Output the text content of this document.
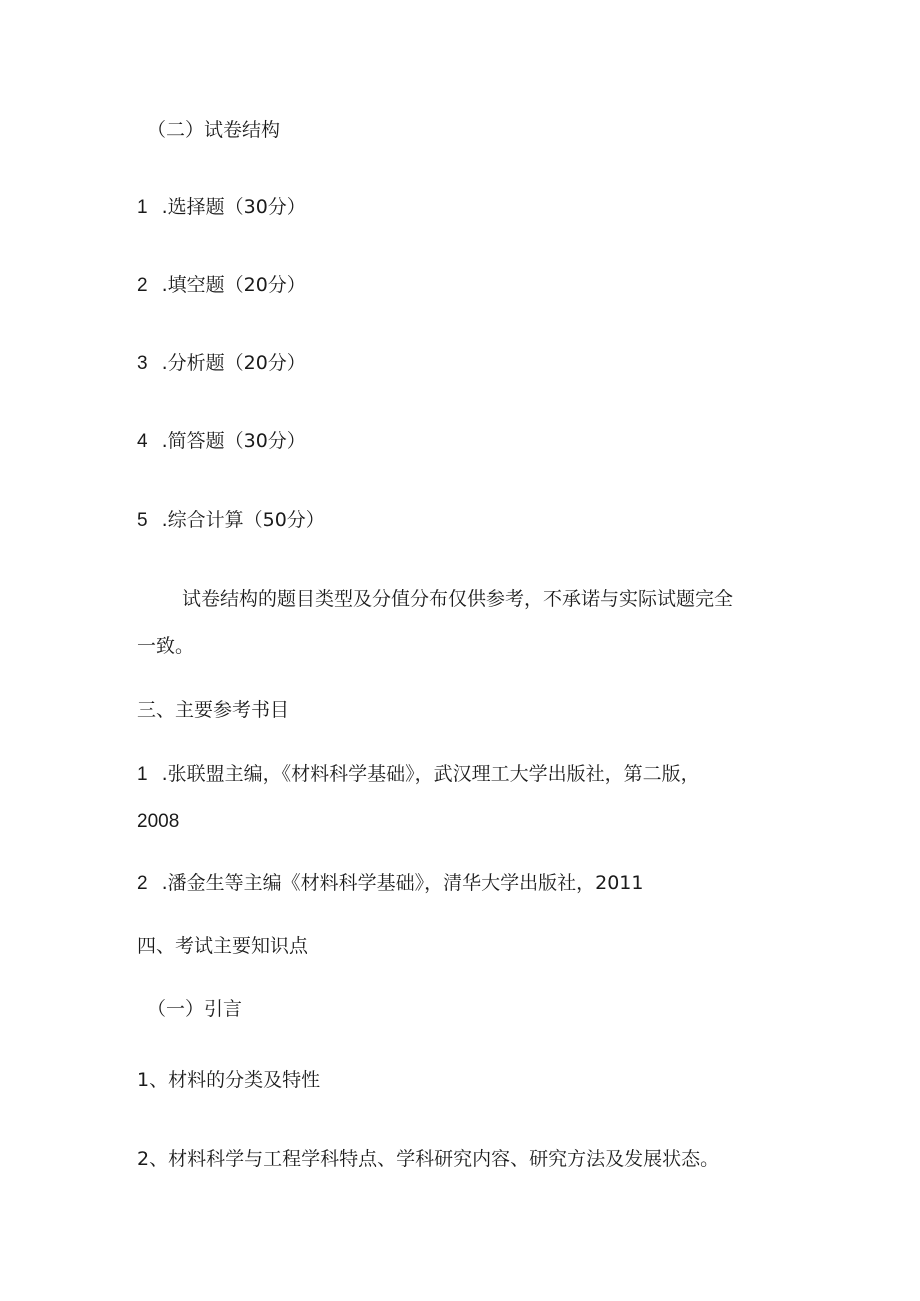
（二）试卷结构
1 .选择题（30分）
2 .填空题（20分）
3 .分析题（20分）
4 .简答题（30分）
5 .综合计算（50分）
试卷结构的题目类型及分值分布仅供参考，不承诺与实际试题完全
一致。
三、主要参考书目
1 .张联盟主编，《材料科学基础》，武汉理工大学出版社，第二版，
2008
2 .潘金生等主编《材料科学基础》，清华大学出版社，2011
四、考试主要知识点
（一）引言
1、材料的分类及特性
2、材料科学与工程学科特点、学科研究内容、研究方法及发展状态。
